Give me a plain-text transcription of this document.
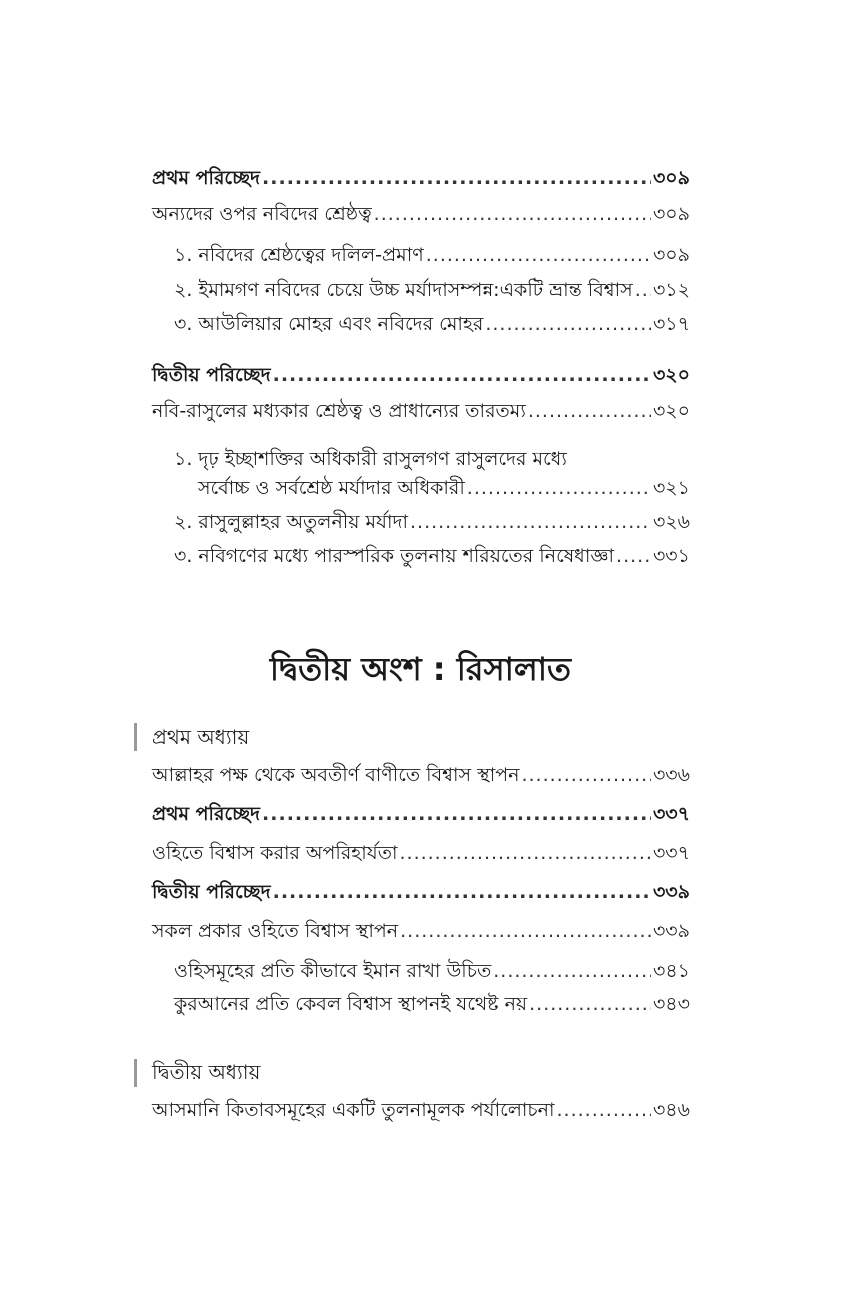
প্রথম পরিচ্ছেদ .....	৩০৯
অন্যদের ওপর নবিদের শ্রেষ্ঠত্ব .....	৩০৯
১. নবিদের শ্রেষ্ঠত্বের দলিল-প্রমাণ .....	৩০৯
২. ইমামগণ নবিদের চেয়ে উচ্চ মর্যাদাসম্পন্ন:একটি ভ্রান্ত বিশ্বাস ..... ৩১২
৩. আউলিয়ার মোহর এবং নবিদের মোহর .....	৩১৭
দ্বিতীয় পরিচ্ছেদ .....	৩২০
নবি-রাসুলের মধ্যকার শ্রেষ্ঠত্ব ও প্রাধান্যের তারতম্য .....	৩২০
১. দৃঢ় ইচ্ছাশক্তির অধিকারী রাসুলগণ রাসুলদের মধ্যে
সর্বোচ্চ ও সর্বশ্রেষ্ঠ মর্যাদার অধিকারী .....	৩২১
২. রাসুলুল্লাহর অতুলনীয় মর্যাদা .....	৩২৬
৩. নবিগণের মধ্যে পারস্পরিক তুলনায় শরিয়তের নিষেধাজ্ঞা ..... ৩৩১
দ্বিতীয় অংশ : রিসালাত
প্রথম অধ্যায়
আল্লাহর পক্ষ থেকে অবতীর্ণ বাণীতে বিশ্বাস স্থাপন .....	৩৩৬
প্রথম পরিচ্ছেদ .....	৩৩৭
ওহিতে বিশ্বাস করার অপরিহার্যতা .....	৩৩৭
দ্বিতীয় পরিচ্ছেদ .....	৩৩৯
সকল প্রকার ওহিতে বিশ্বাস স্থাপন .....	৩৩৯
ওহিসমূহের প্রতি কীভাবে ইমান রাখা উচিত .....	৩৪১
কুরআনের প্রতি কেবল বিশ্বাস স্থাপনই যথেষ্ট নয় .....	৩৪৩
দ্বিতীয় অধ্যায়
আসমানি কিতাবসমূহের একটি তুলনামূলক পর্যালোচনা .....	৩৪৬
